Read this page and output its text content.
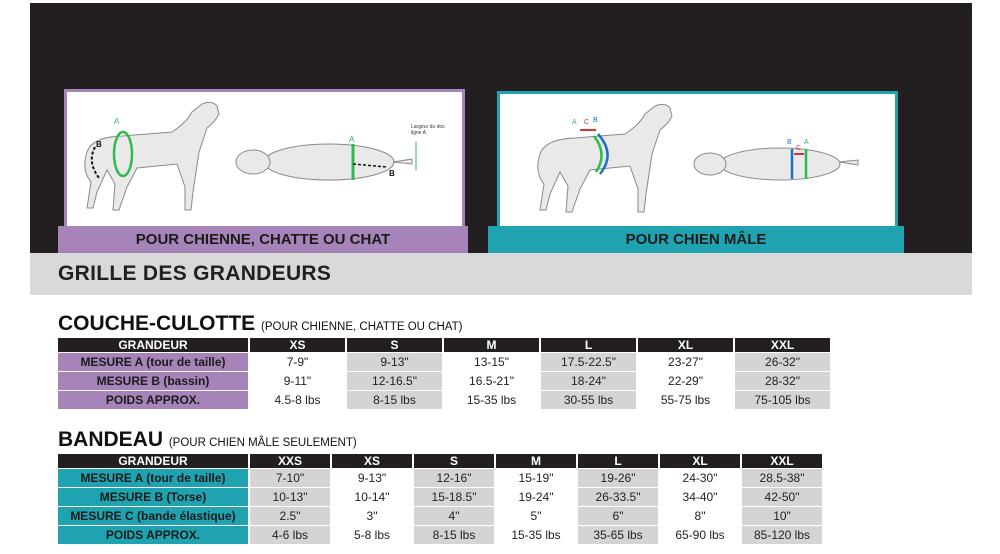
A
B
A
B
Largeur du dos
ligne A
A C B
B
C
A
POUR CHIENNE, CHATTE OU CHAT	POUR CHIEN MÂLE
GRILLE DES GRANDEURS
COUCHE-CULOTTE (POUR CHIENNE, CHATTE OU CHAT)
GRANDEUR	XS	S	M	L	XL	XXL
MESURE A (tour de taille)	7-9"	9-13"	13-15"	17.5-22.5"	23-27"	26-32"
MESURE B (bassin)	9-11"	12-16.5"	16.5-21"	18-24"	22-29"	28-32"
POIDS APPROX.	4.5-8 lbs	8-15 lbs	15-35 lbs	30-55 lbs	55-75 lbs	75-105 lbs
BANDEAU (POUR CHIEN MÂLE SEULEMENT)
GRANDEUR	XXS	XS	S	M	L	XL	XXL
MESURE A (tour de taille)	7-10"	9-13"	12-16"	15-19"	19-26"	24-30"	28.5-38"
MESURE B (Torse)	10-13"	10-14"	15-18.5"	19-24"	26-33.5"	34-40"	42-50"
MESURE C (bande élastique)	2.5"	3"	4"	5"	6"	8"	10"
POIDS APPROX.	4-6 lbs	5-8 lbs	8-15 lbs	15-35 lbs	35-65 lbs	65-90 lbs	85-120 lbs
